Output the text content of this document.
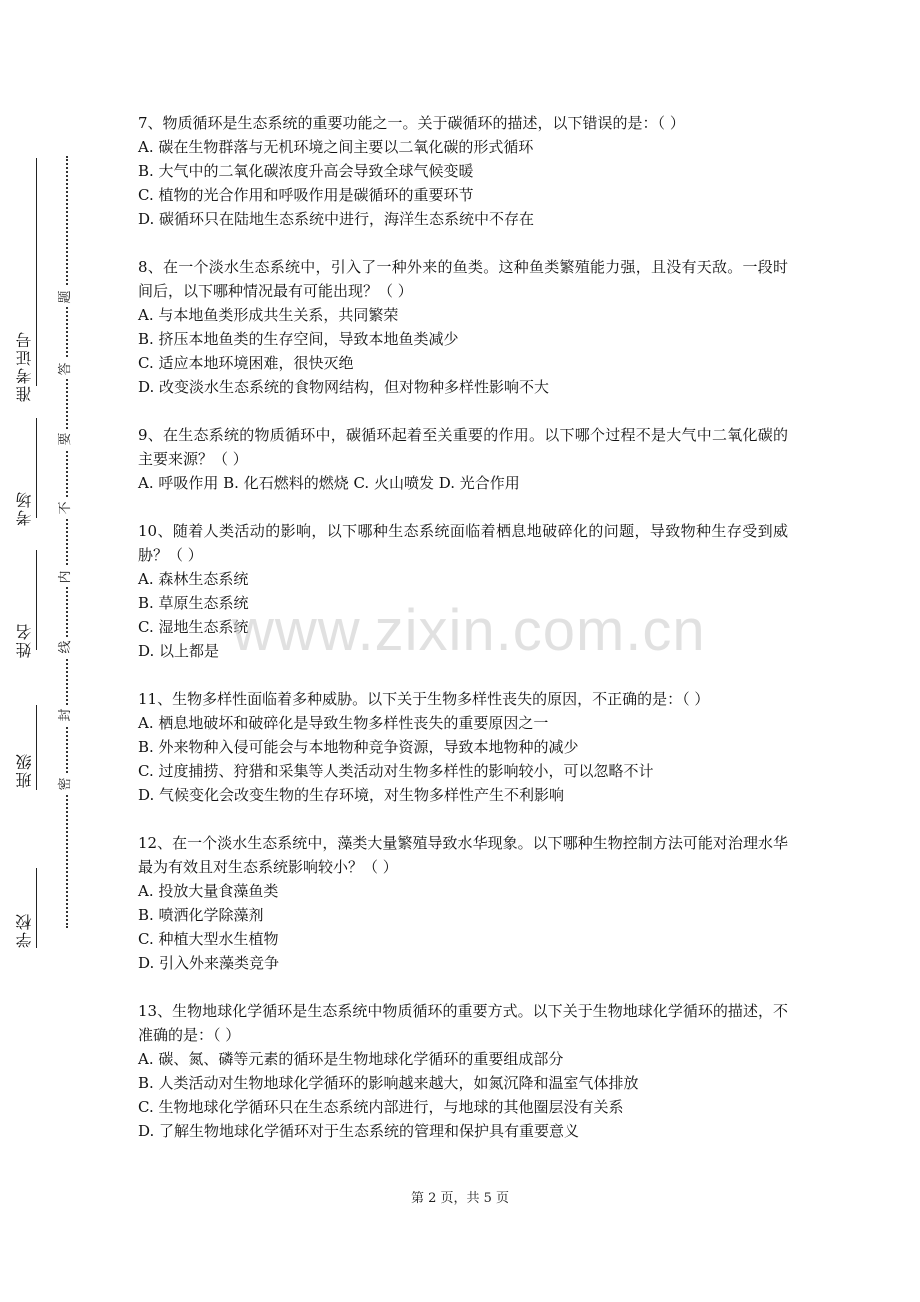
学校
班级
姓名
考场
准考证号
题
答
要
不
内
线
封
密

7、物质循环是生态系统的重要功能之一。关于碳循环的描述，以下错误的是：（ ）

A. 碳在生物群落与无机环境之间主要以二氧化碳的形式循环

B. 大气中的二氧化碳浓度升高会导致全球气候变暖

C. 植物的光合作用和呼吸作用是碳循环的重要环节

D. 碳循环只在陆地生态系统中进行，海洋生态系统中不存在

8、在一个淡水生态系统中，引入了一种外来的鱼类。这种鱼类繁殖能力强，且没有天敌。一段时间后，以下哪种情况最有可能出现？（ ）

A. 与本地鱼类形成共生关系，共同繁荣

B. 挤压本地鱼类的生存空间，导致本地鱼类减少

C. 适应本地环境困难，很快灭绝

D. 改变淡水生态系统的食物网结构，但对物种多样性影响不大

9、在生态系统的物质循环中，碳循环起着至关重要的作用。以下哪个过程不是大气中二氧化碳的主要来源？（ ）

A. 呼吸作用 B. 化石燃料的燃烧 C. 火山喷发 D. 光合作用

10、随着人类活动的影响，以下哪种生态系统面临着栖息地破碎化的问题，导致物种生存受到威胁？（ ）

A. 森林生态系统

B. 草原生态系统

C. 湿地生态系统

D. 以上都是

11、生物多样性面临着多种威胁。以下关于生物多样性丧失的原因，不正确的是：（ ）

A. 栖息地破坏和破碎化是导致生物多样性丧失的重要原因之一

B. 外来物种入侵可能会与本地物种竞争资源，导致本地物种的减少

C. 过度捕捞、狩猎和采集等人类活动对生物多样性的影响较小，可以忽略不计

D. 气候变化会改变生物的生存环境，对生物多样性产生不利影响

12、在一个淡水生态系统中，藻类大量繁殖导致水华现象。以下哪种生物控制方法可能对治理水华最为有效且对生态系统影响较小？（ ）

A. 投放大量食藻鱼类

B. 喷洒化学除藻剂

C. 种植大型水生植物

D. 引入外来藻类竞争

13、生物地球化学循环是生态系统中物质循环的重要方式。以下关于生物地球化学循环的描述，不准确的是：（ ）

A. 碳、氮、磷等元素的循环是生物地球化学循环的重要组成部分

B. 人类活动对生物地球化学循环的影响越来越大，如氮沉降和温室气体排放

C. 生物地球化学循环只在生态系统内部进行，与地球的其他圈层没有关系

D. 了解生物地球化学循环对于生态系统的管理和保护具有重要意义

www.zixin.com.cn
第 2 页，共 5 页
